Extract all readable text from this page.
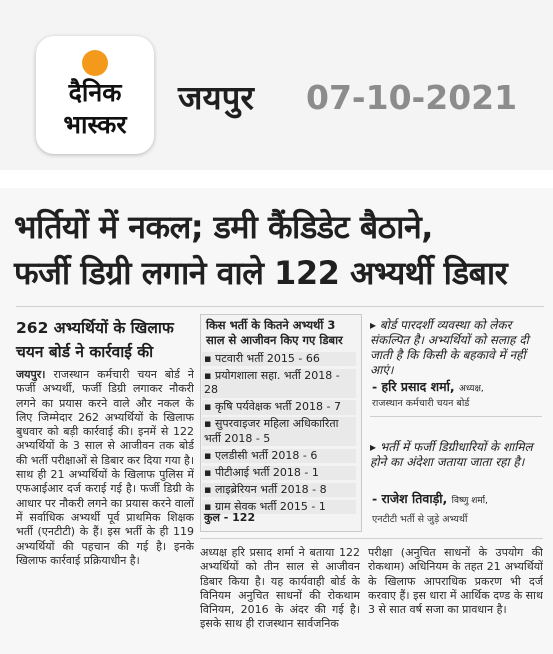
दैनिक
भास्कर
जयपुर 07-10-2021
भर्तियों में नकल; डमी कैंडिडेट बैठाने,
फर्जी डिग्री लगाने वाले 122 अभ्यर्थी डिबार
262 अभ्यर्थियों के खिलाफ
चयन बोर्ड ने कार्रवाई की
जयपुर। राजस्थान कर्मचारी चयन बोर्ड ने फर्जी अभ्यर्थी, फर्जी डिग्री लगाकर नौकरी लगने का प्रयास करने वाले और नकल के लिए जिम्मेदार 262 अभ्यर्थियों के खिलाफ बुधवार को बड़ी कार्रवाई की। इनमें से 122 अभ्यर्थियों के 3 साल से आजीवन तक बोर्ड की भर्ती परीक्षाओं से डिबार कर दिया गया है। साथ ही 21 अभ्यर्थियों के खिलाफ पुलिस में एफआईआर दर्ज कराई गई है। फर्जी डिग्री के आधार पर नौकरी लगने का प्रयास करने वालों में सर्वाधिक अभ्यर्थी पूर्व प्राथमिक शिक्षक भर्ती (एनटीटी) के हैं। इस भर्ती के ही 119 अभ्यर्थियों की पहचान की गई है। इनके खिलाफ कार्रवाई प्रक्रियाधीन है।
किस भर्ती के कितने अभ्यर्थी 3 साल से आजीवन किए गए डिबार
▪ पटवारी भर्ती 2015 - 66
▪ प्रयोगशाला सहा. भर्ती 2018 - 28
▪ कृषि पर्यवेक्षक भर्ती 2018 - 7
▪ सुपरवाइजर महिला अधिकारिता भर्ती 2018 - 5
▪ एलडीसी भर्ती 2018 - 6
▪ पीटीआई भर्ती 2018 - 1
▪ लाइब्रेरियन भर्ती 2018 - 8
▪ ग्राम सेवक भर्ती 2015 - 1
कुल - 122
▸ बोर्ड पारदर्शी व्यवस्था को लेकर संकल्पित है। अभ्यर्थियों को सलाह दी जाती है कि किसी के बहकावे में नहीं आएं।
- हरि प्रसाद शर्मा, अध्यक्ष,
राजस्थान कर्मचारी चयन बोर्ड
▸ भर्ती में फर्जी डिग्रीधारियों के शामिल होने का अंदेशा जताया जाता रहा है।
- राजेश तिवाड़ी, विष्णु शर्मा,
एनटीटी भर्ती से जुड़े अभ्यर्थी
अध्यक्ष हरि प्रसाद शर्मा ने बताया 122 अभ्यर्थियों को तीन साल से आजीवन डिबार किया है। यह कार्यवाही बोर्ड के विनियम अनुचित साधनों की रोकथाम विनियम, 2016 के अंदर की गई है। इसके साथ ही राजस्थान सार्वजनिक
परीक्षा (अनुचित साधनों के उपयोग की रोकथाम) अधिनियम के तहत 21 अभ्यर्थियों के खिलाफ आपराधिक प्रकरण भी दर्ज करवाए हैं। इस धारा में आर्थिक दण्ड के साथ 3 से सात वर्ष सजा का प्रावधान है।
